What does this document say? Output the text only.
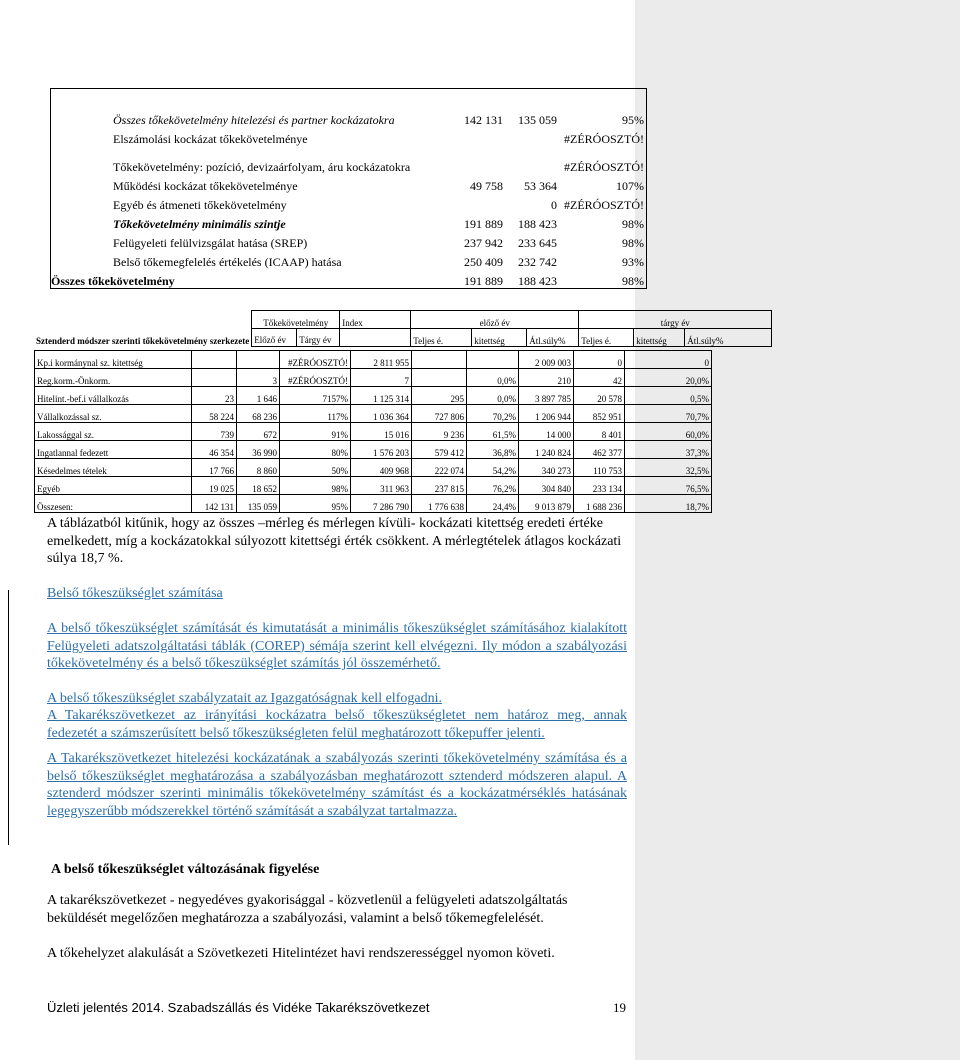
Összes tőkekövetelmény hitelezési és partner kockázatokra	142 131	135 059	95%
Elszámolási kockázat tőkekövetelménye			#ZÉRÓOSZTÓ!
Tőkekövetelmény: pozíció, devizaárfolyam, áru kockázatokra			#ZÉRÓOSZTÓ!
Működési kockázat tőkekövetelménye	49 758	53 364	107%
Egyéb és átmeneti tőkekövetelmény		0	#ZÉRÓOSZTÓ!
Tőkekövetelmény minimális szintje	191 889	188 423	98%
Felügyeleti felülvizsgálat hatása (SREP)	237 942	233 645	98%
Belső tőkemegfelelés értékelés (ICAAP) hatása	250 409	232 742	93%
Összes tőkekövetelmény	191 889	188 423	98%
	Tőkekövetelmény		Index	előző év			tárgy év		
	Előző év	Tárgy év		Teljes é.	kitettség	Átl.súly%	Teljes é.	kitettség	Átl.súly%
Sztenderd módszer szerinti tőkekövetelmény szerkezete									
Kp.i kormánynal sz. kitettség			#ZÉRÓOSZTÓ!	2 811 955			2 009 003	0	0
Reg.korm.-Önkorm.		3	#ZÉRÓOSZTÓ!	7		0,0%	210	42	20,0%
Hitelint.-bef.i vállalkozás	23	1 646	7157%	1 125 314	295	0,0%	3 897 785	20 578	0,5%
Vállalkozással sz.	58 224	68 236	117%	1 036 364	727 806	70,2%	1 206 944	852 951	70,7%
Lakossággal sz.	739	672	91%	15 016	9 236	61,5%	14 000	8 401	60,0%
Ingatlannal fedezett	46 354	36 990	80%	1 576 203	579 412	36,8%	1 240 824	462 377	37,3%
Késedelmes tételek	17 766	8 860	50%	409 968	222 074	54,2%	340 273	110 753	32,5%
Egyéb	19 025	18 652	98%	311 963	237 815	76,2%	304 840	233 134	76,5%
Összesen:	142 131	135 059	95%	7 286 790	1 776 638	24,4%	9 013 879	1 688 236	18,7%

A táblázatból kitűnik, hogy az összes –mérleg és mérlegen kívüli- kockázati kitettség eredeti értéke emelkedett, míg a kockázatokkal súlyozott kitettségi érték csökkent. A mérlegtételek átlagos kockázati súlya 18,7 %.

Belső tőkeszükséglet számítása

A belső tőkeszükséglet számítását és kimutatását a minimális tőkeszükséglet számításához kialakított Felügyeleti adatszolgáltatási táblák (COREP) sémája szerint kell elvégezni. Ily módon a szabályozási tőkekövetelmény és a belső tőkeszükséglet számítás jól összemérhető.

A belső tőkeszükséglet szabályzatait az Igazgatóságnak kell elfogadni.

A Takarékszövetkezet az irányítási kockázatra belső tőkeszükségletet nem határoz meg, annak fedezetét a számszerűsített belső tőkeszükségleten felül meghatározott tőkepuffer jelenti.

A Takarékszövetkezet hitelezési kockázatának a szabályozás szerinti tőkekövetelmény számítása és a belső tőkeszükséglet meghatározása a szabályozásban meghatározott sztenderd módszeren alapul. A sztenderd módszer szerinti minimális tőkekövetelmény számítást és a kockázatmérséklés hatásának legegyszerűbb módszerekkel történő számítását a szabályzat tartalmazza.

A belső tőkeszükséglet változásának figyelése

A takarékszövetkezet - negyedéves gyakorisággal - közvetlenül a felügyeleti adatszolgáltatás beküldését megelőzően meghatározza a szabályozási, valamint a belső tőkemegfelelését.

A tőkehelyzet alakulását a Szövetkezeti Hitelintézet havi rendszerességgel nyomon követi.

Üzleti jelentés 2014. Szabadszállás és Vidéke Takarékszövetkezet	19
